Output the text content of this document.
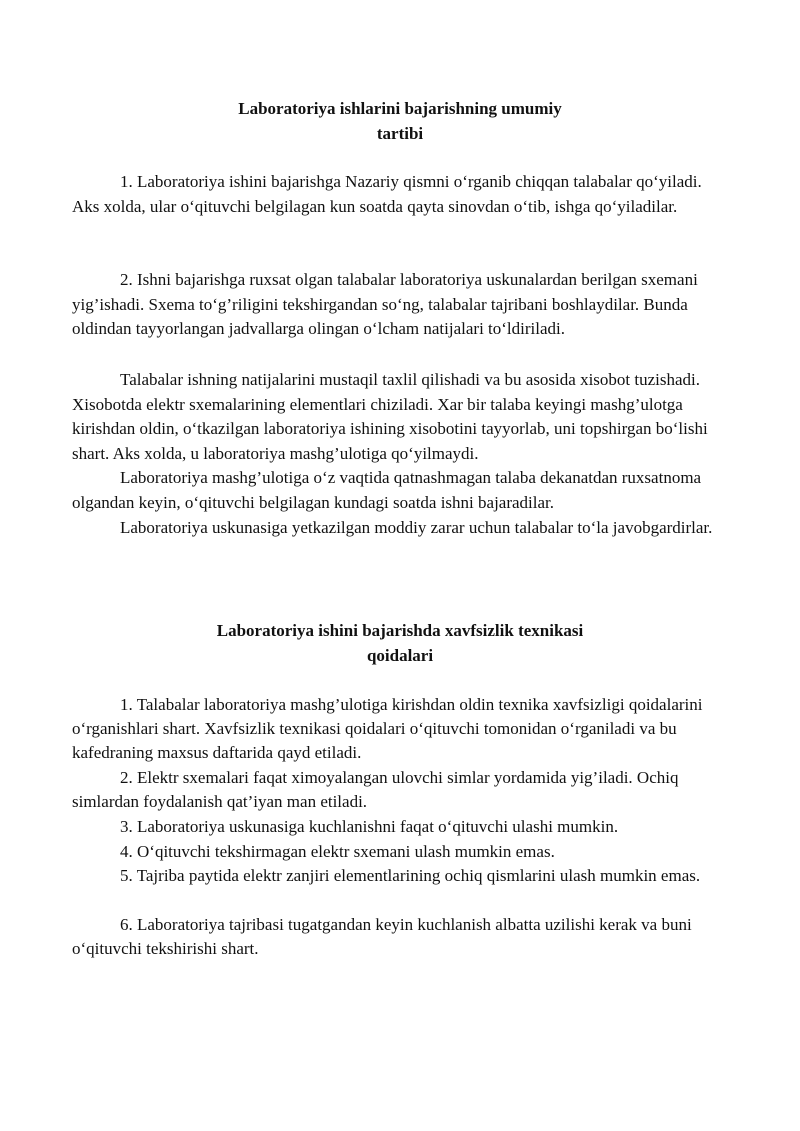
Laboratoriya ishlarini bajarishning umumiy
tartibi

1. Laboratoriya ishini bajarishga Nazariy qismni o‘rganib chiqqan talabalar qo‘yiladi. Aks xolda, ular o‘qituvchi belgilagan kun soatda qayta sinovdan o‘tib, ishga qo‘yiladilar.

2. Ishni bajarishga ruxsat olgan talabalar laboratoriya uskunalardan berilgan sxemani yig’ishadi. Sxema to‘g’riligini tekshirgandan so‘ng, talabalar tajribani boshlaydilar. Bunda oldindan tayyorlangan jadvallarga olingan o‘lcham natijalari to‘ldiriladi.

Talabalar ishning natijalarini mustaqil taxlil qilishadi va bu asosida xisobot tuzishadi. Xisobotda elektr sxemalarining elementlari chiziladi. Xar bir talaba keyingi mashg’ulotga kirishdan oldin, o‘tkazilgan laboratoriya ishining xisobotini tayyorlab, uni topshirgan bo‘lishi shart. Aks xolda, u laboratoriya mashg’ulotiga qo‘yilmaydi.

Laboratoriya mashg’ulotiga o‘z vaqtida qatnashmagan talaba dekanatdan ruxsatnoma olgandan keyin, o‘qituvchi belgilagan kundagi soatda ishni bajaradilar.

Laboratoriya uskunasiga yetkazilgan moddiy zarar uchun talabalar to‘la javobgardirlar.

Laboratoriya ishini bajarishda xavfsizlik texnikasi
qoidalari

1. Talabalar laboratoriya mashg’ulotiga kirishdan oldin texnika xavfsizligi qoidalarini o‘rganishlari shart. Xavfsizlik texnikasi qoidalari o‘qituvchi tomonidan o‘rganiladi va bu kafedraning maxsus daftarida qayd etiladi.

2. Elektr sxemalari faqat ximoyalangan ulovchi simlar yordamida yig’iladi. Ochiq simlardan foydalanish qat’iyan man etiladi.

3. Laboratoriya uskunasiga kuchlanishni faqat o‘qituvchi ulashi mumkin.

4. O‘qituvchi tekshirmagan elektr sxemani ulash mumkin emas.

5. Tajriba paytida elektr zanjiri elementlarining ochiq qismlarini ulash mumkin emas.

6. Laboratoriya tajribasi tugatgandan keyin kuchlanish albatta uzilishi kerak va buni o‘qituvchi tekshirishi shart.
